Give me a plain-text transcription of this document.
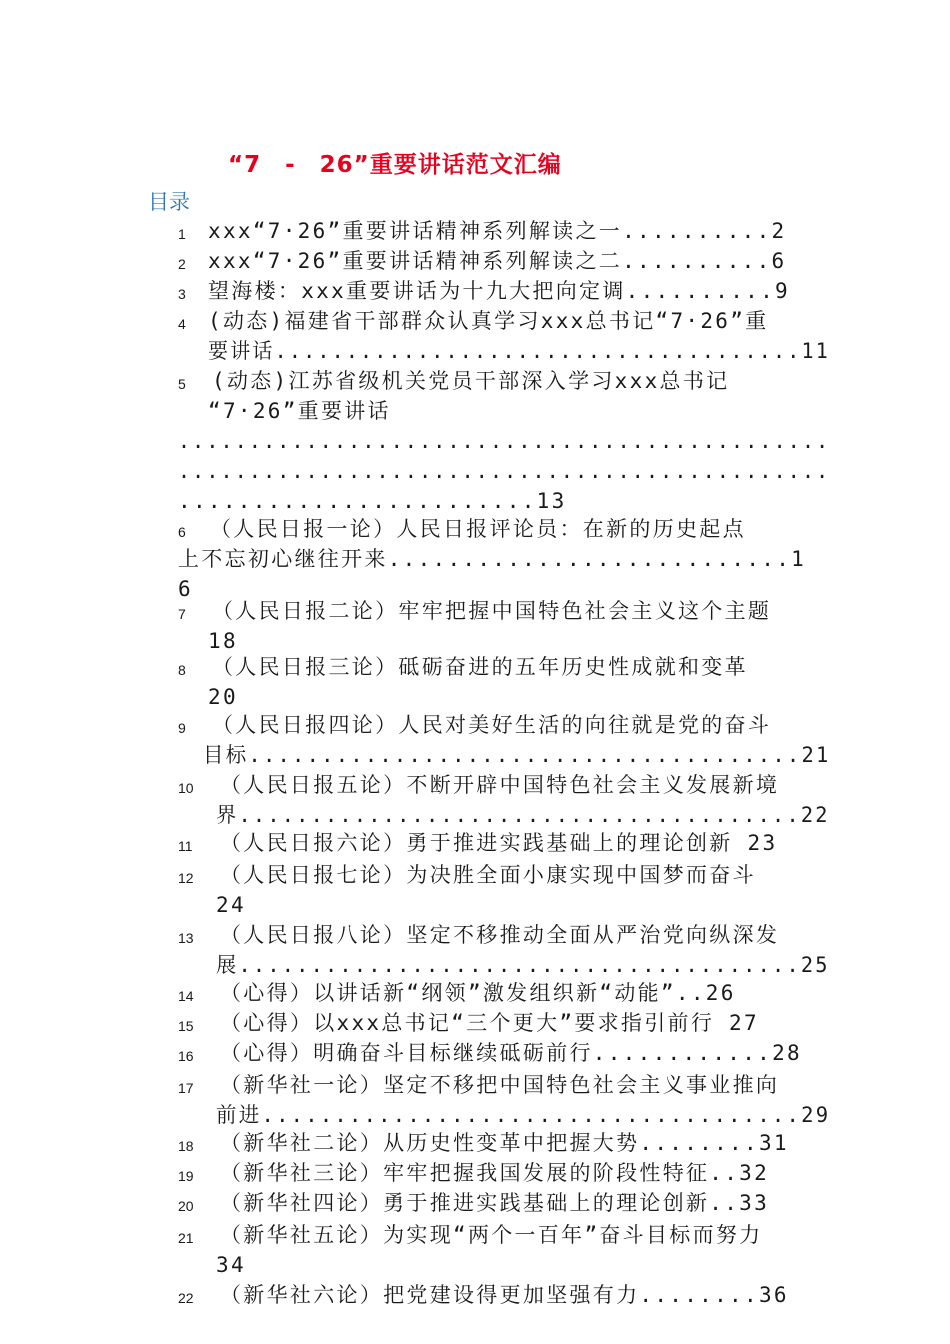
“7　-　26”重要讲话范文汇编
目录
1 xxx“7·26”重要讲话精神系列解读之一..........2
2 xxx“7·26”重要讲话精神系列解读之二..........6
3 望海楼：xxx重要讲话为十九大把向定调..........9
4 (动态)福建省干部群众认真学习xxx总书记“7·26”重
要讲话.....................................11
5 (动态)江苏省级机关党员干部深入学习xxx总书记
“7·26”重要讲话
..............................................
..............................................
........................13
6 （人民日报一论）人民日报评论员：在新的历史起点
上不忘初心继往开来...........................1
6
7 （人民日报二论）牢牢把握中国特色社会主义这个主题
18
8 （人民日报三论）砥砺奋进的五年历史性成就和变革
20
9 （人民日报四论）人民对美好生活的向往就是党的奋斗
目标......................................21
10 （人民日报五论）不断开辟中国特色社会主义发展新境
界.......................................22
11 （人民日报六论）勇于推进实践基础上的理论创新 23
12 （人民日报七论）为决胜全面小康实现中国梦而奋斗
24
13 （人民日报八论）坚定不移推动全面从严治党向纵深发
展.......................................25
14 （心得）以讲话新“纲领”激发组织新“动能”..26
15 （心得）以xxx总书记“三个更大”要求指引前行 27
16 （心得）明确奋斗目标继续砥砺前行............28
17 （新华社一论）坚定不移把中国特色社会主义事业推向
前进.....................................29
18 （新华社二论）从历史性变革中把握大势........31
19 （新华社三论）牢牢把握我国发展的阶段性特征..32
20 （新华社四论）勇于推进实践基础上的理论创新..33
21 （新华社五论）为实现“两个一百年”奋斗目标而努力
34
22 （新华社六论）把党建设得更加坚强有力........36
